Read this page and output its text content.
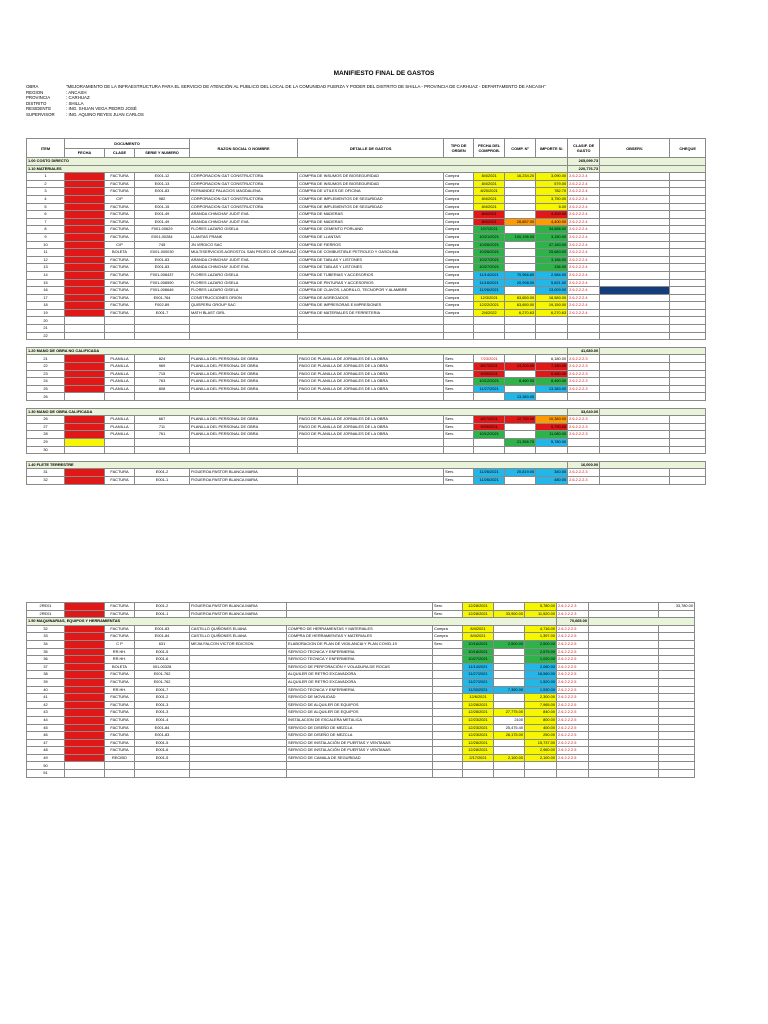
MANIFIESTO FINAL DE GASTOS
OBRA	"MEJORAMIENTO DE LA INFRAESTRUCTURA PARA EL SERVICIO DE ATENCIÓN AL PUBLICO DEL LOCAL DE LA COMUNIDAD FUERZA Y PODER DEL DISTRITO DE SHILLA - PROVINCIA DE CARHUAZ - DEPARTAMENTO DE ANCASH"
REGION	: ANCASH
PROVINCIA	: CARHUAZ
DISTRITO	: SHILLA
RESIDENTE	: ING. SHUAN VEGA PEDRO JOSÉ
SUPERVISOR	: ING. AQUINO REYES JUAN CARLOS
ITEM	DOCUMENTO			RAZON SOCIAL O NOMBRE	DETALLE DE GASTOS	TIPO DE ORDEN	FECHA DEL COMPROB.	COMP. N°	IMPORTE S/.	CLASIF. DE GASTO	OBSERV.	CHEQUE
	FECHA	CLASE	SERIE Y NUMERO									
1.00 COSTO DIRECTO										265,099.73		
1.10 MATERIALES										220,776.73		
1		FACTURA	E001-12	CORPORACION G&T CONSTRUCTORA	COMPRA DE INSUMOS DE BIOSEGURIDAD	Compra	8/4/2021	16,234.20	3,090.00	2.6.2.2.2.4		
2		FACTURA	E001-13	CORPORACION G&T CONSTRUCTORA	COMPRA DE INSUMOS DE BIOSEGURIDAD	Compra	8/4/2021		579.00	2.6.2.2.2.4		
3		FACTURA	E001-83	FERNANDEZ PALACIOS MAGDALENA	COMPRA DE UTILES DE OFICINA	Compra	8/20/2021		782.70	2.6.2.2.2.4		
4		C/P	982	CORPORACION G&T CONSTRUCTORA	COMPRA DE IMPLEMENTOS DE SEGURIDAD	Compra	8/4/2021		3,750.00	2.6.2.2.2.4		
5		FACTURA	E001-15	CORPORACION G&T CONSTRUCTORA	COMPRA DE IMPLEMENTOS DE SEGURIDAD	Compra	8/4/2021		6.00	2.6.2.2.2.4		
6		FACTURA	E001-49	ARANDA CHINCHAY JUDIT EVA	COMPRA DE MADERAS	Compra	8/4/2021		4,400.00	2.6.2.2.2.4		
7		FACTURA	E001-49	ARANDA CHINCHAY JUDIT EVA	COMPRA DE MADERAS	Compra	8/4/2021	26,657.00	4,400.00	2.6.2.2.2.4		
8		FACTURA	F001-00629	FLORES LAZARO GISELA	COMPRA DE CEMENTO PORLAND	Compra	10/7/2021		34,686.00	2.6.2.2.2.4		
9		FACTURA	E001-00284	LLANTAS FRANK	COMPRA DE LLANTAS	Compra	10/21/2021	100,198.00	3,150.00	2.6.2.2.2.4		
10		C/P	745	JN VIRDICO SAC	COMPRA DE FIERROS	Compra	10/26/2021		47,180.00	2.6.2.2.2.4		
11		BOLETA	E001-000030	MULTISERVICIOS AGROSTOL SAN PEDRO DE CARHUAZ	COMPRA DE COMBUSTIBLE PETROLEO Y GASOLINA	Compra	10/26/2021		25,680.00	2.6.2.2.2.4		
12		FACTURA	E001-83	ARANDA CHINCHAY JUDIT EVA	COMPRA DE TABLAS Y LISTONES	Compra	10/27/2021		3,186.00	2.6.2.2.2.4		
13		FACTURA	E001-83	ARANDA CHINCHAY JUDIT EVA	COMPRA DE TABLAS Y LISTONES	Compra	10/27/2021		136.00	2.6.2.2.2.4		
14		FACTURA	F001-008437	FLORES LAZARO GISELA	COMPRA DE TUBERIAS Y ACCESORIOS	Compra	11/14/2021	70,966.80	2,984.00	2.6.2.2.2.4		
15		FACTURA	F001-008590	FLORES LAZARO GISELA	COMPRA DE PINTURAS Y ACCESORIOS	Compra	11/16/2021	20,998.00	5,621.00	2.6.2.2.2.4		
16		FACTURA	F001-008646	FLORES LAZARO GISELA	COMPRA DE CLAVOS, LADRILLO, TECNOPOR Y ALAMBRE	Compra	11/26/2021		13,000.00	2.6.2.2.2.4		
17		FACTURA	E001-764	CONSTRUCCIONES ORION	COMPRA DE AGREGADOS	Compra	12/3/2021	63,650.00	18,580.00	2.6.2.2.2.4		
18		FACTURA	F002-89	QUISPERU GROUP SAC	COMPRA DE IMPRESORAS E IMPRESIONES	Compra	12/22/2021	63,650.00	19,150.00	2.6.2.2.2.4		
19		FACTURA	E001-7	MATH BLAST GIRL	COMPRA DE MATERIALES DE FERRETERIA	Compra	2/4/2022	6,270.63	6,270.63	2.6.2.2.2.4		
20												
21												
22												

1.20 MANO DE OBRA NO CALIFICADA										41,680.00		
21		PLANILLA	824	PLANILLA DEL PERSONAL DE OBRA	PAGO DE PLANILLA DE JORNALES DE LA OBRA	Serv.	7/23/2021		6,180.00	2.6.2.2.2.3		
22		PLANILLA	969	PLANILLA DEL PERSONAL DE OBRA	PAGO DE PLANILLA DE JORNALES DE LA OBRA	Serv.	8/17/2021	13,200.00	7,180.00	2.6.2.2.2.3		
23		PLANILLA	715	PLANILLA DEL PERSONAL DE OBRA	PAGO DE PLANILLA DE JORNALES DE LA OBRA	Serv.	9/29/2021		6,480.00	2.6.2.2.2.3		
24		PLANILLA	763	PLANILLA DEL PERSONAL DE OBRA	PAGO DE PLANILLA DE JORNALES DE LA OBRA	Serv.	10/12/2021	8,460.00	8,460.00	2.6.2.2.2.3		
25		PLANILLA	808	PLANILLA DEL PERSONAL DE OBRA	PAGO DE PLANILLA DE JORNALES DE LA OBRA	Serv.	11/27/2021		13,380.00	2.6.2.2.2.3		
26								13,380.00				

1.30 MANO DE OBRA CALIFICADA										33,640.00		
26		PLANILLA	667	PLANILLA DEL PERSONAL DE OBRA	PAGO DE PLANILLA DE JORNALES DE LA OBRA	Serv.	8/17/2021	12,750.00	10,380.00	2.6.2.2.2.3		
27		PLANILLA	711	PLANILLA DEL PERSONAL DE OBRA	PAGO DE PLANILLA DE JORNALES DE LA OBRA	Serv.	9/29/2021		5,790.00	2.6.2.2.2.3		
28		PLANILLA	761	PLANILLA DEL PERSONAL DE OBRA	PAGO DE PLANILLA DE JORNALES DE LA OBRA	Serv.	10/12/2021		11,080.00	2.6.2.2.2.3		
29								21,356.70	5,780.00			
30												

1.40 FLETE TERRESTRE										16,000.00		
31		FACTURA	E001-2	FIGUEROA PASTOR BLANCA MARIA		Serv.	11/26/2021	20,819.00	340.00	2.6.2.2.2.3		
32		FACTURA	E001-1	FIGUEROA PASTOR BLANCA MARIA		Serv.	11/26/2021		480.00	2.6.2.2.2.3		
2RE01		FACTURA	E001-2	FIGUEROA PASTOR BLANCA MARIA		Serv.	12/28/2021		5,780.00	2.6.2.2.2.3		33,780.00
2RE01		FACTURA	E001-1	FIGUEROA PASTOR BLANCA MARIA		Serv.	12/28/2021	33,900.00	11,520.00	2.6.2.2.2.3		
1.50 MAQUINARIAS, EQUIPOS Y HERRAMIENTAS										70,665.00		
32		FACTURA	E001-83	CASTILLO QUIÑONES ELIANA	COMPRO DE HERRAMIENTAS Y MATERIALES	Compra	8/4/2021		4,716.00	2.6.2.2.2.5		
33		FACTURA	E001-84	CASTILLO QUIÑONES ELIANA	COMPRA DE HERRAMIENTAS Y MATERIALES	Compra	8/4/2021		1,397.00	2.6.2.2.2.5		
34		C P	631	MEJIA FALCON VICTOR EDICSON	ELABORACION DE PLAN DE VIGILANCIA Y PLAN COVID-19	Serv.	10/16/2021	2,500.00	2,500.00	2.6.2.2.2.5		
35		RR.HH.	E001-5		SERVICIO TECNICA Y ENFERMERIA		10/18/2021		2,575.00	2.6.2.2.2.5		
36		RR.HH.	E001-6		SERVICIO TECNICA Y ENFERMERIA		10/27/2021		1,020.00	2.6.2.2.2.5		
37		BOLETA	001-00328		SERVICIO DE PERFORACIÓN Y VOLADURA DE ROCAS		11/14/2021		2,080.00	2.6.2.2.2.5		
38		FACTURA	E001-762		ALQUILER DE RETRO EXCAVADORA		11/27/2021		16,560.00	2.6.2.2.2.5		
39		FACTURA	E001-762		ALQUILER DE RETRO EXCAVADORA		11/27/2021		1,520.00	2.6.2.2.2.5		
40		RR.HH.	E001-7		SERVICIO TECNICA Y ENFERMERIA		11/30/2021	7,390.00	1,530.00	2.6.2.2.2.5		
41		FACTURA	E001-2		SERVICIO DE MOVILIDAD		12/6/2021		2,300.00	2.6.2.2.2.5		
42		FACTURA	E001-3		SERVICIO DE ALQUILER DE EQUIPOS		12/28/2021		7,965.00	2.6.2.2.2.5		
43		FACTURA	E001-3		SERVICIO DE ALQUILER DE EQUIPOS		12/28/2021	27,775.00	840.00	2.6.2.2.2.5		
44		FACTURA	E001-4		INSTALACION DE ESCALERA METALICA		12/23/2021	2100	800.00	2.6.2.2.2.5		
45		FACTURA	E001-84		SERVICIO DE DISEÑO DE MEZCLA		12/23/2021	25,475.40	400.00	2.6.2.2.2.5		
46		FACTURA	E001-83		SERVICIO DE DISEÑO DE MEZCLA		12/23/2021	26,175.00	250.00	2.6.2.2.2.5		
47		FACTURA	E001-5		SERVICIO DE INSTALACIÓN DE PUERTAS Y VENTANAS		12/28/2021		15,737.00	2.6.2.2.2.5		
48		FACTURA	E001-6		SERVICIO DE INSTALACIÓN DE PUERTAS Y VENTANAS		12/28/2021		2,960.00	2.6.2.2.2.5		
49		RECIBO	E001-5		SERVICIO DE CAMALA DE SEGURIDAD		2/17/2021	2,100.00	2,100.00	2.6.2.2.2.5		
50												
51												
